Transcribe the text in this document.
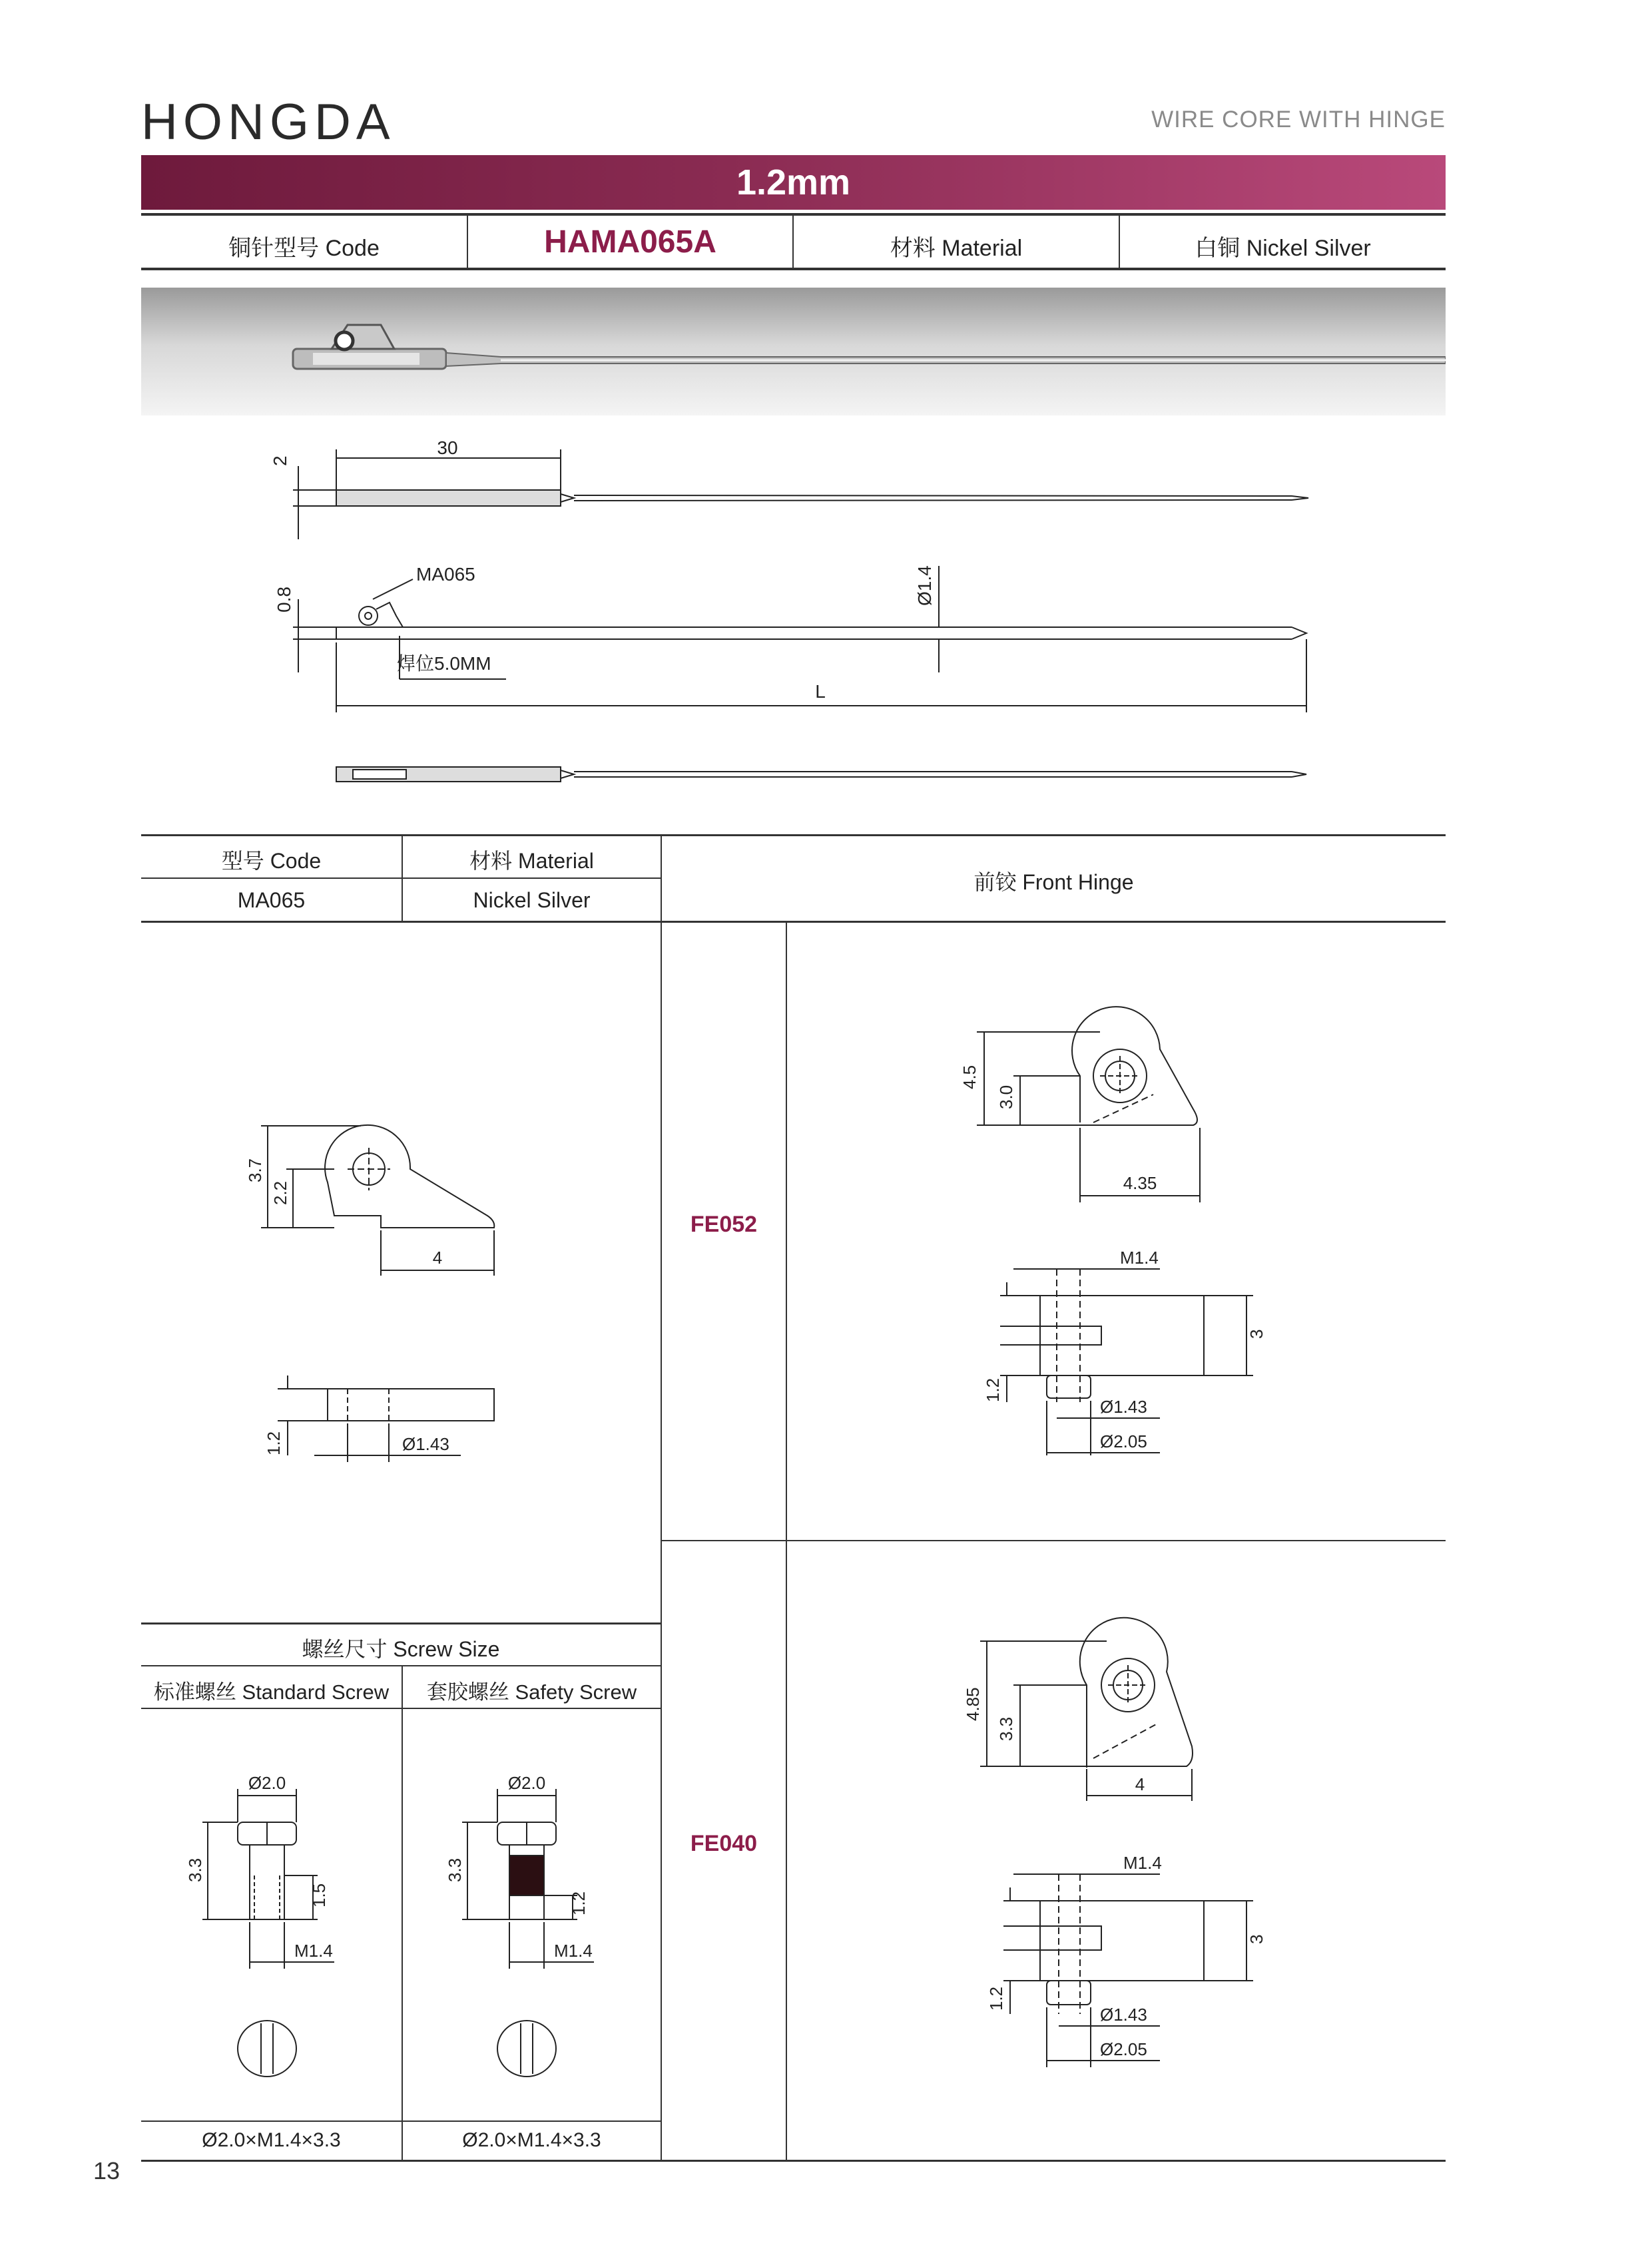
HONGDA	WIRE CORE WITH HINGE
1.2mm
铜针型号 Code	HAMA065A	材料 Material	白铜 Nickel Silver
30
2
0.8
MA065	Ø1.4
焊位5.0MM
L
型号 Code	材料 Material
MA065	Nickel Silver
前铰 Front Hinge
3.7
2.2
4
1.2	Ø1.43
螺丝尺寸 Screw Size
标准螺丝 Standard Screw	套胶螺丝 Safety Screw
Ø2.0×M1.4×3.3	Ø2.0×M1.4×3.3
Ø2.0
3.3
1.5
M1.4
Ø2.0
3.3
1.2
M1.4
FE052
4.5
3.0
4.35
M1.4
3
1.2
Ø1.43
Ø2.05
FE040
4.85
3.3
4
M1.4
3
1.2
Ø1.43
Ø2.05
13
